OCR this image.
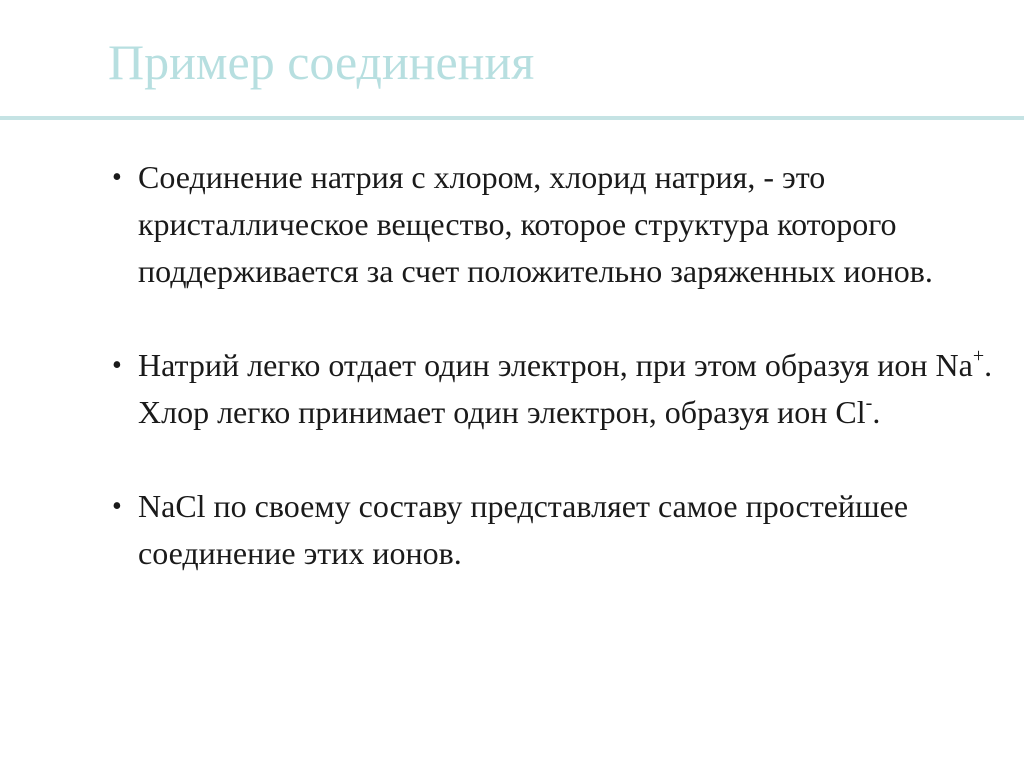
Пример соединения
• Соединение натрия с хлором, хлорид натрия, - это кристаллическое вещество, которое структура которого поддерживается за счет положительно заряженных ионов.
• Натрий легко отдает один электрон, при этом образуя ион Na+. Хлор легко принимает один электрон, образуя ион Cl-.
• NaCl по своему составу представляет самое простейшее соединение этих ионов.
